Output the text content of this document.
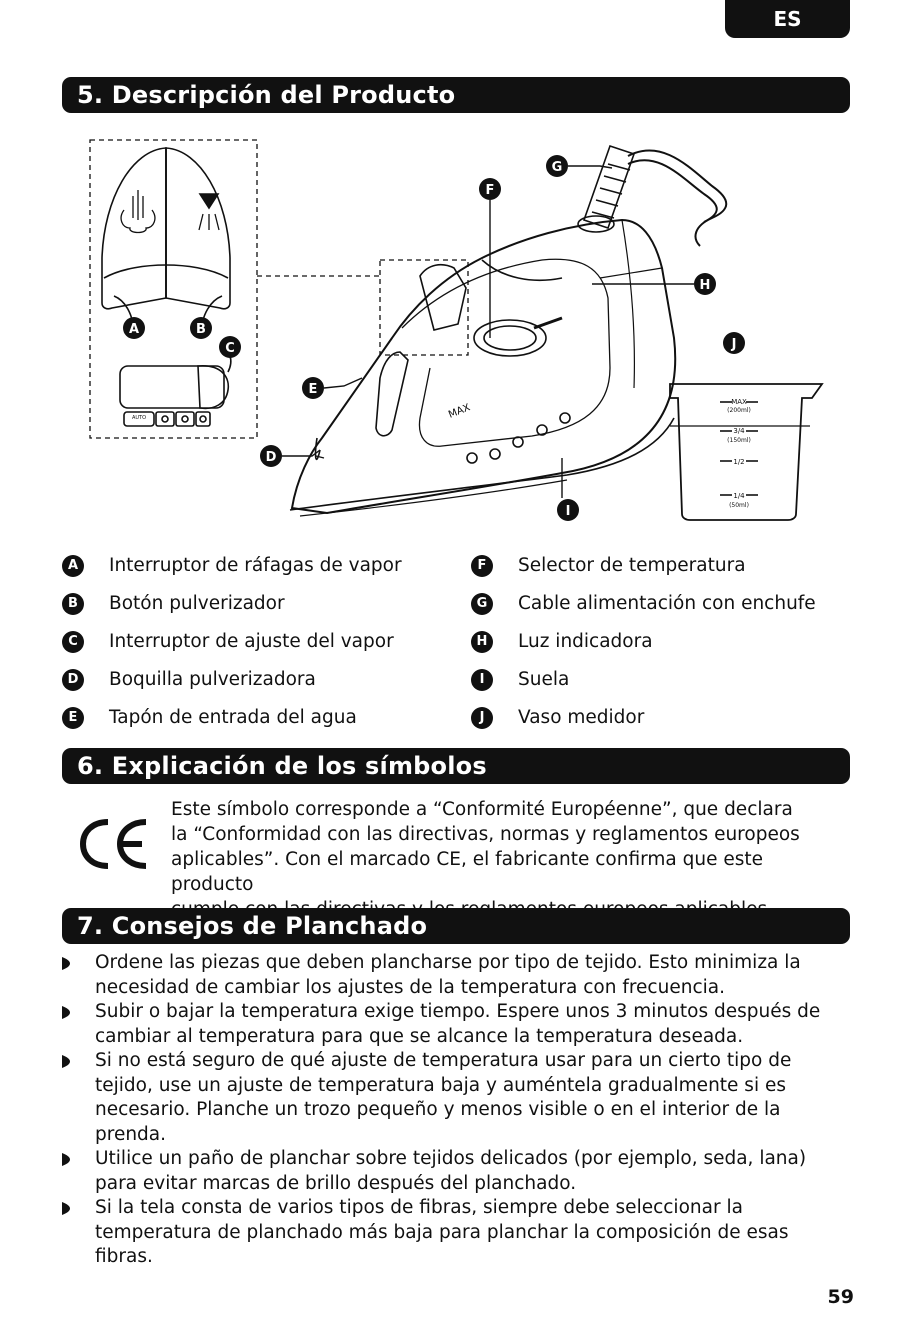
ES
5. Descripción del Producto
AUTO	MAX
MAX
(200ml)
3/4
(150ml)
1/2
1/4
(50ml)
A	B
C
D
E
F
G
H
I
J
A	Interruptor de ráfagas de vapor
B	Botón pulverizador
C	Interruptor de ajuste del vapor
D	Boquilla pulverizadora
E	Tapón de entrada del agua
F	Selector de temperatura
G	Cable alimentación con enchufe
H	Luz indicadora
I	Suela
J	Vaso medidor
6. Explicación de los símbolos

Este símbolo corresponde a “Conformité Européenne”, que declara

la “Conformidad con las directivas, normas y reglamentos europeos

aplicables”. Con el marcado CE, el fabricante confirma que este producto

7. Consejos de Planchado

Ordene las piezas que deben plancharse por tipo de tejido. Esto minimiza la necesidad de cambiar los ajustes de la temperatura con frecuencia.

Subir o bajar la temperatura exige tiempo. Espere unos 3 minutos después de cambiar al temperatura para que se alcance la temperatura deseada.

Si no está seguro de qué ajuste de temperatura usar para un cierto tipo de tejido, use un ajuste de temperatura baja y auméntela gradualmente si es necesario. Planche un trozo pequeño y menos visible o en el interior de la prenda.

Utilice un paño de planchar sobre tejidos delicados (por ejemplo, seda, lana) para evitar marcas de brillo después del planchado.

Si la tela consta de varios tipos de fibras, siempre debe seleccionar la temperatura de planchado más baja para planchar la composición de esas fibras.

59
